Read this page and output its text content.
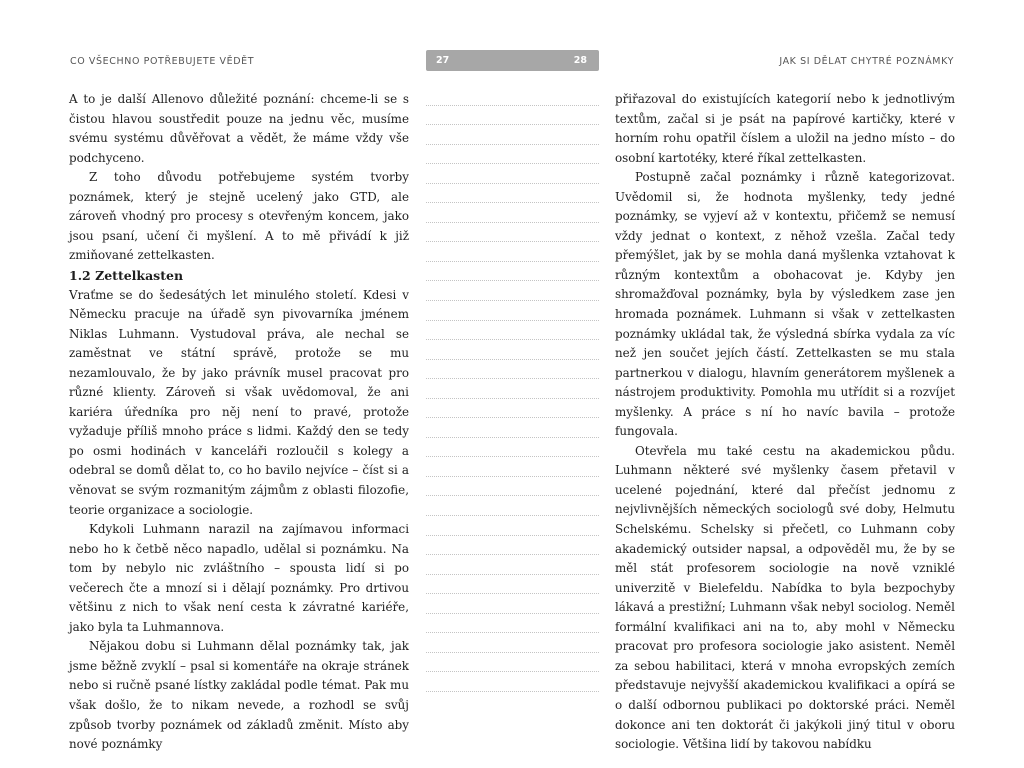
CO VŠECHNO POTŘEBUJETE VĚDĚT	27	28	JAK SI DĚLAT CHYTRÉ POZNÁMKY

A to je další Allenovo důležité poznání: chceme-li se s čistou hlavou soustředit pouze na jednu věc, musíme svému systému důvěřovat a vědět, že máme vždy vše podchyceno.

Z toho důvodu potřebujeme systém tvorby poznámek, který je stejně ucelený jako GTD, ale zároveň vhodný pro procesy s otevřeným koncem, jako jsou psaní, učení či myšlení. A to mě přivádí k již zmiňované zettelkasten.

1.2 Zettelkasten

Vraťme se do šedesátých let minulého století. Kdesi v Německu pracuje na úřadě syn pivovarníka jménem Niklas Luhmann. Vystudoval práva, ale nechal se zaměstnat ve státní správě, protože se mu nezamlouvalo, že by jako právník musel pracovat pro různé klienty. Zároveň si však uvědomoval, že ani kariéra úředníka pro něj není to pravé, protože vyžaduje příliš mnoho práce s lidmi. Každý den se tedy po osmi hodinách v kanceláři rozloučil s kolegy a odebral se domů dělat to, co ho bavilo nejvíce – číst si a věnovat se svým rozmanitým zájmům z oblasti filozofie, teorie organizace a sociologie.

Kdykoli Luhmann narazil na zajímavou informaci nebo ho k četbě něco napadlo, udělal si poznámku. Na tom by nebylo nic zvláštního – spousta lidí si po večerech čte a mnozí si i dělají poznámky. Pro drtivou většinu z nich to však není cesta k závratné kariéře, jako byla ta Luhmannova.

Nějakou dobu si Luhmann dělal poznámky tak, jak jsme běžně zvyklí – psal si komentáře na okraje stránek nebo si ručně psané lístky zakládal podle témat. Pak mu však došlo, že to nikam nevede, a rozhodl se svůj způsob tvorby poznámek od základů změnit. Místo aby nové poznámky

přiřazoval do existujících kategorií nebo k jednotlivým textům, začal si je psát na papírové kartičky, které v horním rohu opatřil číslem a uložil na jedno místo – do osobní kartotéky, které říkal zettelkasten.

Postupně začal poznámky i různě kategorizovat. Uvědomil si, že hodnota myšlenky, tedy jedné poznámky, se vyjeví až v kontextu, přičemž se nemusí vždy jednat o kontext, z něhož vzešla. Začal tedy přemýšlet, jak by se mohla daná myšlenka vztahovat k různým kontextům a obohacovat je. Kdyby jen shromažďoval poznámky, byla by výsledkem zase jen hromada poznámek. Luhmann si však v zettelkasten poznámky ukládal tak, že výsledná sbírka vydala za víc než jen součet jejích částí. Zettelkasten se mu stala partnerkou v dialogu, hlavním generátorem myšlenek a nástrojem produktivity. Pomohla mu utřídit si a rozvíjet myšlenky. A práce s ní ho navíc bavila – protože fungovala.

Otevřela mu také cestu na akademickou půdu. Luhmann některé své myšlenky časem přetavil v ucelené pojednání, které dal přečíst jednomu z nejvlivnějších německých sociologů své doby, Helmutu Schelskému. Schelsky si přečetl, co Luhmann coby akademický outsider napsal, a odpověděl mu, že by se měl stát profesorem sociologie na nově vzniklé univerzitě v Bielefeldu. Nabídka to byla bezpochyby lákavá a prestižní; Luhmann však nebyl sociolog. Neměl formální kvalifikaci ani na to, aby mohl v Německu pracovat pro profesora sociologie jako asistent. Neměl za sebou habilitaci, která v mnoha evropských zemích představuje nejvyšší akademickou kvalifikaci a opírá se o další odbornou publikaci po doktorské práci. Neměl dokonce ani ten doktorát či jakýkoli jiný titul v oboru sociologie. Většina lidí by takovou nabídku
